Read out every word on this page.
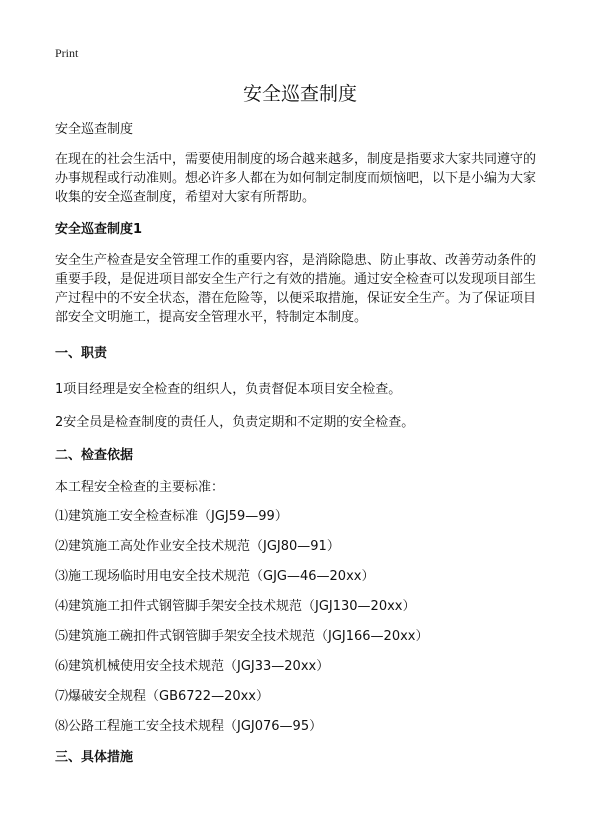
Print
安全巡查制度

安全巡查制度

在现在的社会生活中，需要使用制度的场合越来越多，制度是指要求大家共同遵守的办事规程或行动准则。想必许多人都在为如何制定制度而烦恼吧，以下是小编为大家收集的安全巡查制度，希望对大家有所帮助。

安全巡查制度1

安全生产检查是安全管理工作的重要内容，是消除隐患、防止事故、改善劳动条件的重要手段，是促进项目部安全生产行之有效的措施。通过安全检查可以发现项目部生产过程中的不安全状态，潜在危险等，以便采取措施，保证安全生产。为了保证项目部安全文明施工，提高安全管理水平，特制定本制度。

一、职责

1项目经理是安全检查的组织人，负责督促本项目安全检查。

2安全员是检查制度的责任人，负责定期和不定期的安全检查。

二、检查依据

本工程安全检查的主要标准：

⑴建筑施工安全检查标准（JGJ59—99）

⑵建筑施工高处作业安全技术规范（JGJ80—91）

⑶施工现场临时用电安全技术规范（GJG—46—20xx）

⑷建筑施工扣件式钢管脚手架安全技术规范（JGJ130—20xx）

⑸建筑施工碗扣件式钢管脚手架安全技术规范（JGJ166—20xx）

⑹建筑机械使用安全技术规范（JGJ33—20xx）

⑺爆破安全规程（GB6722—20xx）

⑻公路工程施工安全技术规程（JGJ076—95）

三、具体措施
